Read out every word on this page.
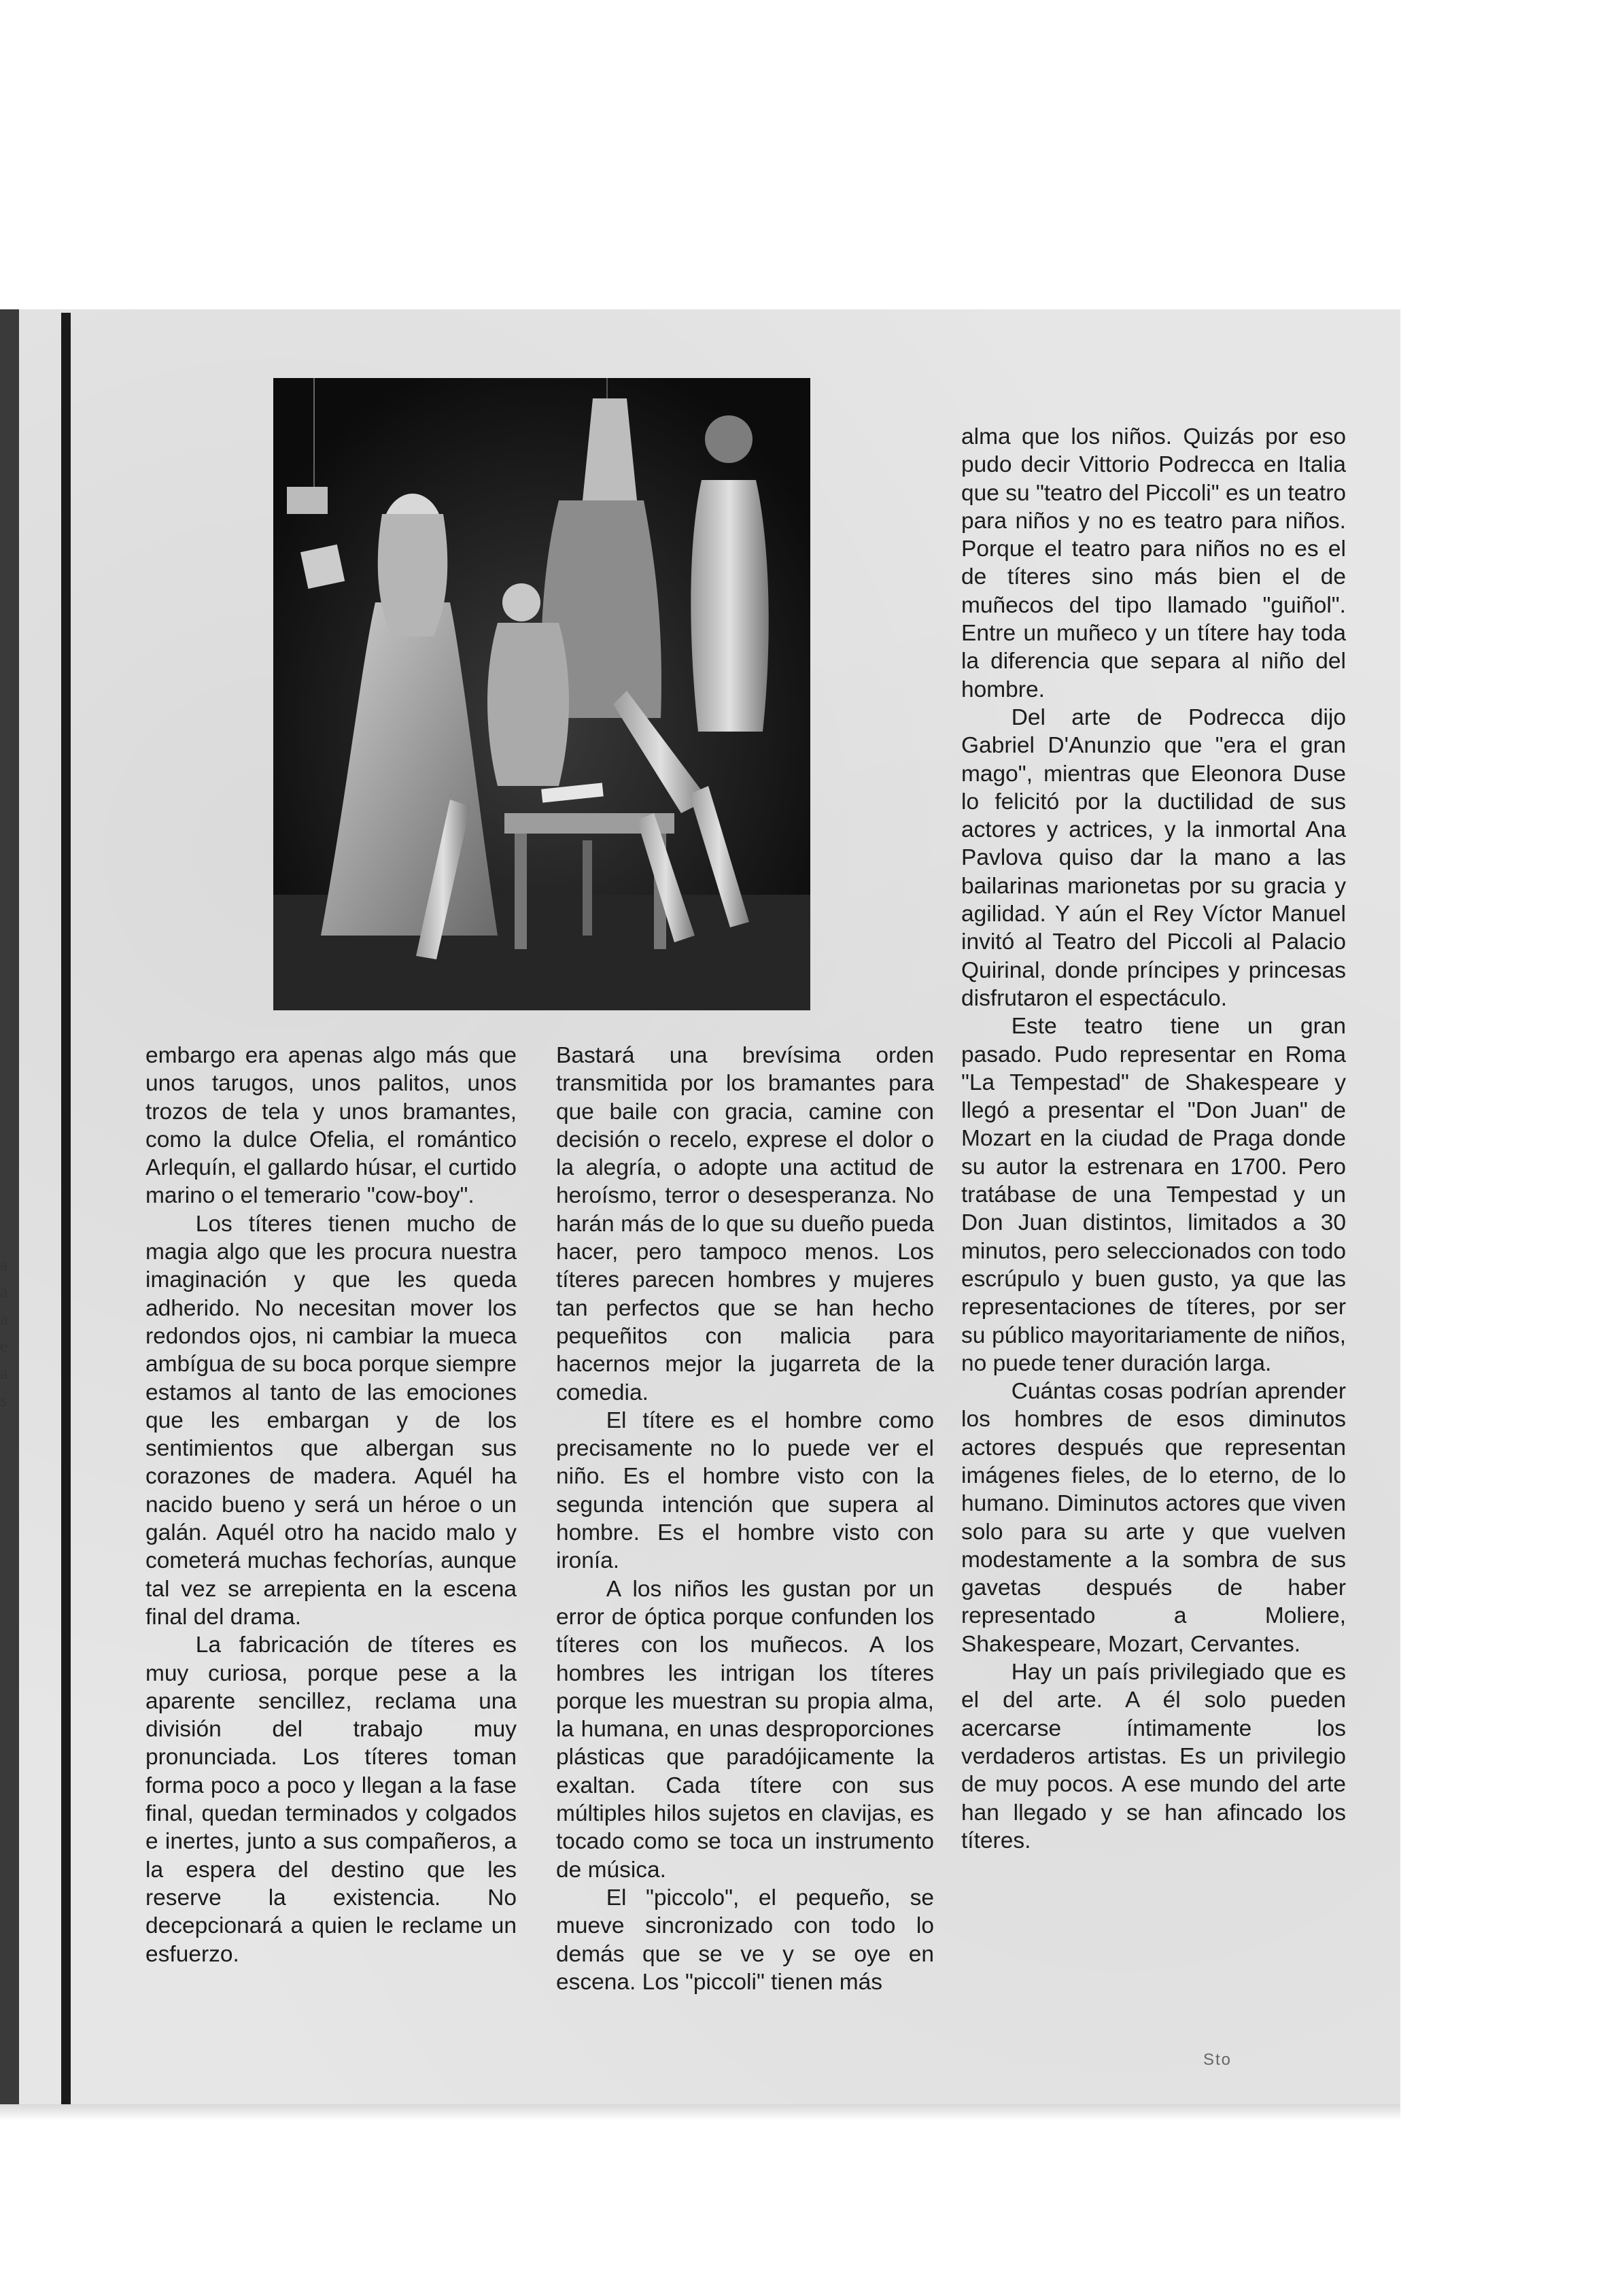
a
a
a
e
a
s

embargo era apenas algo más que unos tarugos, unos palitos, unos trozos de tela y unos bramantes, como la dulce Ofelia, el romántico Arlequín, el gallardo húsar, el curtido marino o el temerario "cow-boy".

Los títeres tienen mucho de magia algo que les procura nuestra imaginación y que les queda adherido. No necesitan mover los redondos ojos, ni cambiar la mueca ambígua de su boca porque siempre estamos al tanto de las emociones que les embargan y de los sentimientos que albergan sus corazones de madera. Aquél ha nacido bueno y será un héroe o un galán. Aquél otro ha nacido malo y cometerá muchas fechorías, aunque tal vez se arrepienta en la escena final del drama.

La fabricación de títeres es muy curiosa, porque pese a la aparente sencillez, reclama una división del trabajo muy pronunciada. Los títeres toman forma poco a poco y llegan a la fase final, quedan terminados y colgados e inertes, junto a sus compañeros, a la espera del destino que les reserve la existencia. No decepcionará a quien le reclame un esfuerzo.

Bastará una brevísima orden transmitida por los bramantes para que baile con gracia, camine con decisión o recelo, exprese el dolor o la alegría, o adopte una actitud de heroísmo, terror o desesperanza. No harán más de lo que su dueño pueda hacer, pero tampoco menos. Los títeres parecen hombres y mujeres tan perfectos que se han hecho pequeñitos con malicia para hacernos mejor la jugarreta de la comedia.

El títere es el hombre como precisamente no lo puede ver el niño. Es el hombre visto con la segunda intención que supera al hombre. Es el hombre visto con ironía.

A los niños les gustan por un error de óptica porque confunden los títeres con los muñecos. A los hombres les intrigan los títeres porque les muestran su propia alma, la humana, en unas desproporciones plásticas que paradójicamente la exaltan. Cada títere con sus múltiples hilos sujetos en clavijas, es tocado como se toca un instrumento de música.

El "piccolo", el pequeño, se mueve sincronizado con todo lo demás que se ve y se oye en escena. Los "piccoli" tienen más

alma que los niños. Quizás por eso pudo decir Vittorio Podrecca en Italia que su "teatro del Piccoli" es un teatro para niños y no es teatro para niños. Porque el teatro para niños no es el de títeres sino más bien el de muñecos del tipo llamado "guiñol". Entre un muñeco y un títere hay toda la diferencia que separa al niño del hombre.

Del arte de Podrecca dijo Gabriel D'Anunzio que "era el gran mago", mientras que Eleonora Duse lo felicitó por la ductilidad de sus actores y actrices, y la inmortal Ana Pavlova quiso dar la mano a las bailarinas marionetas por su gracia y agilidad. Y aún el Rey Víctor Manuel invitó al Teatro del Piccoli al Palacio Quirinal, donde príncipes y princesas disfrutaron el espectáculo.

Este teatro tiene un gran pasado. Pudo representar en Roma "La Tempestad" de Shakespeare y llegó a presentar el "Don Juan" de Mozart en la ciudad de Praga donde su autor la estrenara en 1700. Pero tratábase de una Tempestad y un Don Juan distintos, limitados a 30 minutos, pero seleccionados con todo escrúpulo y buen gusto, ya que las representaciones de títeres, por ser su público mayoritariamente de niños, no puede tener duración larga.

Cuántas cosas podrían aprender los hombres de esos diminutos actores después que representan imágenes fieles, de lo eterno, de lo humano. Diminutos actores que viven solo para su arte y que vuelven modestamente a la sombra de sus gavetas después de haber representado a Moliere, Shakespeare, Mozart, Cervantes.

Hay un país privilegiado que es el del arte. A él solo pueden acercarse íntimamente los verdaderos artistas. Es un privilegio de muy pocos. A ese mundo del arte han llegado y se han afincado los títeres.

Sto
